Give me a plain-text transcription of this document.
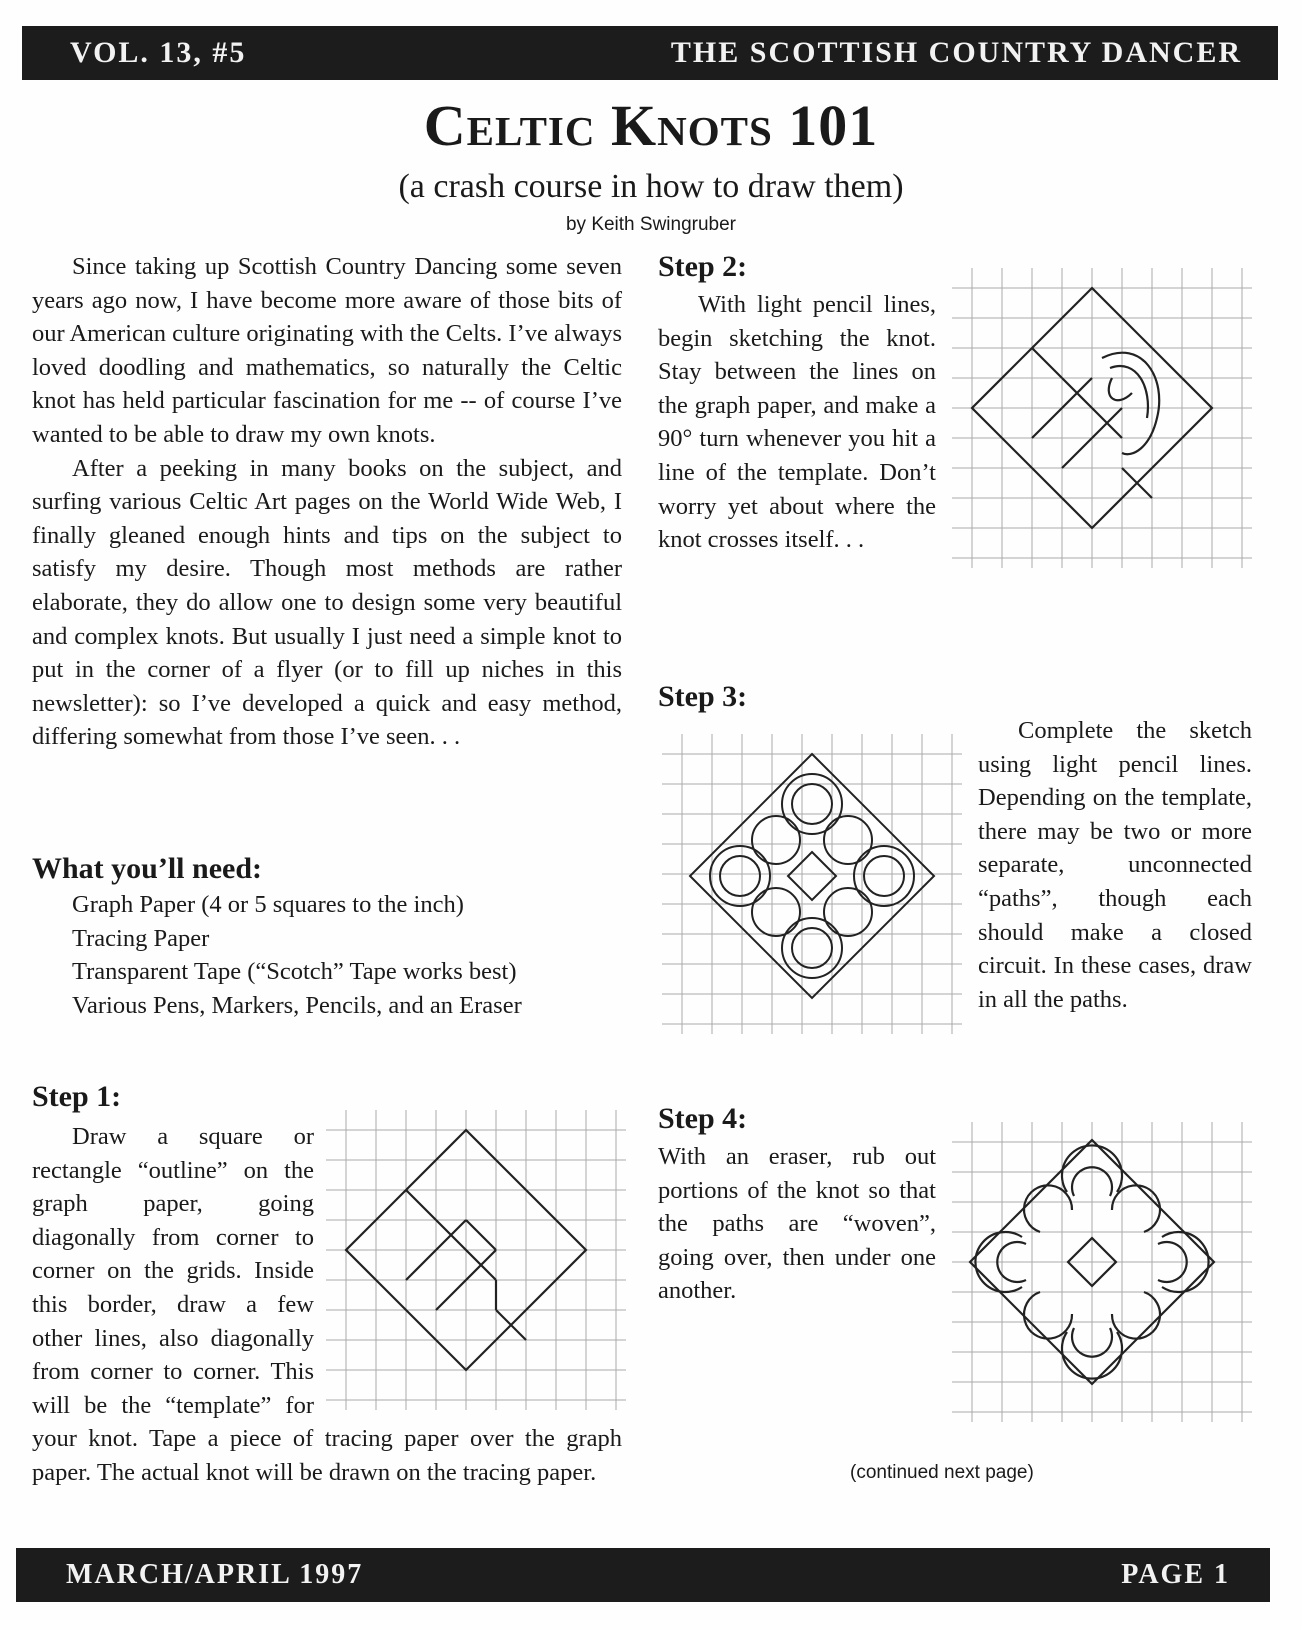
VOL. 13, #5	THE SCOTTISH COUNTRY DANCER
Celtic Knots 101
(a crash course in how to draw them)
by Keith Swingruber

Since taking up Scottish Country Dancing some seven years ago now, I have become more aware of those bits of our American culture originating with the Celts. I’ve always loved doodling and mathematics, so naturally the Celtic knot has held particular fascination for me -- of course I’ve wanted to be able to draw my own knots.

After a peeking in many books on the subject, and surfing various Celtic Art pages on the World Wide Web, I finally gleaned enough hints and tips on the subject to satisfy my desire. Though most methods are rather elaborate, they do allow one to design some very beautiful and complex knots. But usually I just need a simple knot to put in the corner of a flyer (or to fill up niches in this newsletter): so I’ve developed a quick and easy method, differing somewhat from those I’ve seen. . .

What you’ll need:
Graph Paper (4 or 5 squares to the inch)
Tracing Paper
Transparent Tape (“Scotch” Tape works best)
Various Pens, Markers, Pencils, and an Eraser
Step 1:

Draw a square or rectangle “outline” on the graph paper, going diagonally from corner to corner on the grids. Inside this border, draw a few other lines, also diagonally from corner to corner. This will be the “template” for your knot. Tape a piece of tracing paper over the graph paper. The actual knot will be drawn on the tracing paper.

Step 2:

With light pencil lines, begin sketching the knot. Stay between the lines on the graph paper, and make a 90° turn whenever you hit a line of the template. Don’t worry yet about where the knot crosses itself. . .

Step 3:

Complete the sketch using light pencil lines. Depending on the template, there may be two or more separate, unconnected “paths”, though each should make a closed circuit. In these cases, draw in all the paths.

Step 4:

With an eraser, rub out portions of the knot so that the paths are “woven”, going over, then under one another.

(continued next page)
MARCH/APRIL 1997	PAGE 1
